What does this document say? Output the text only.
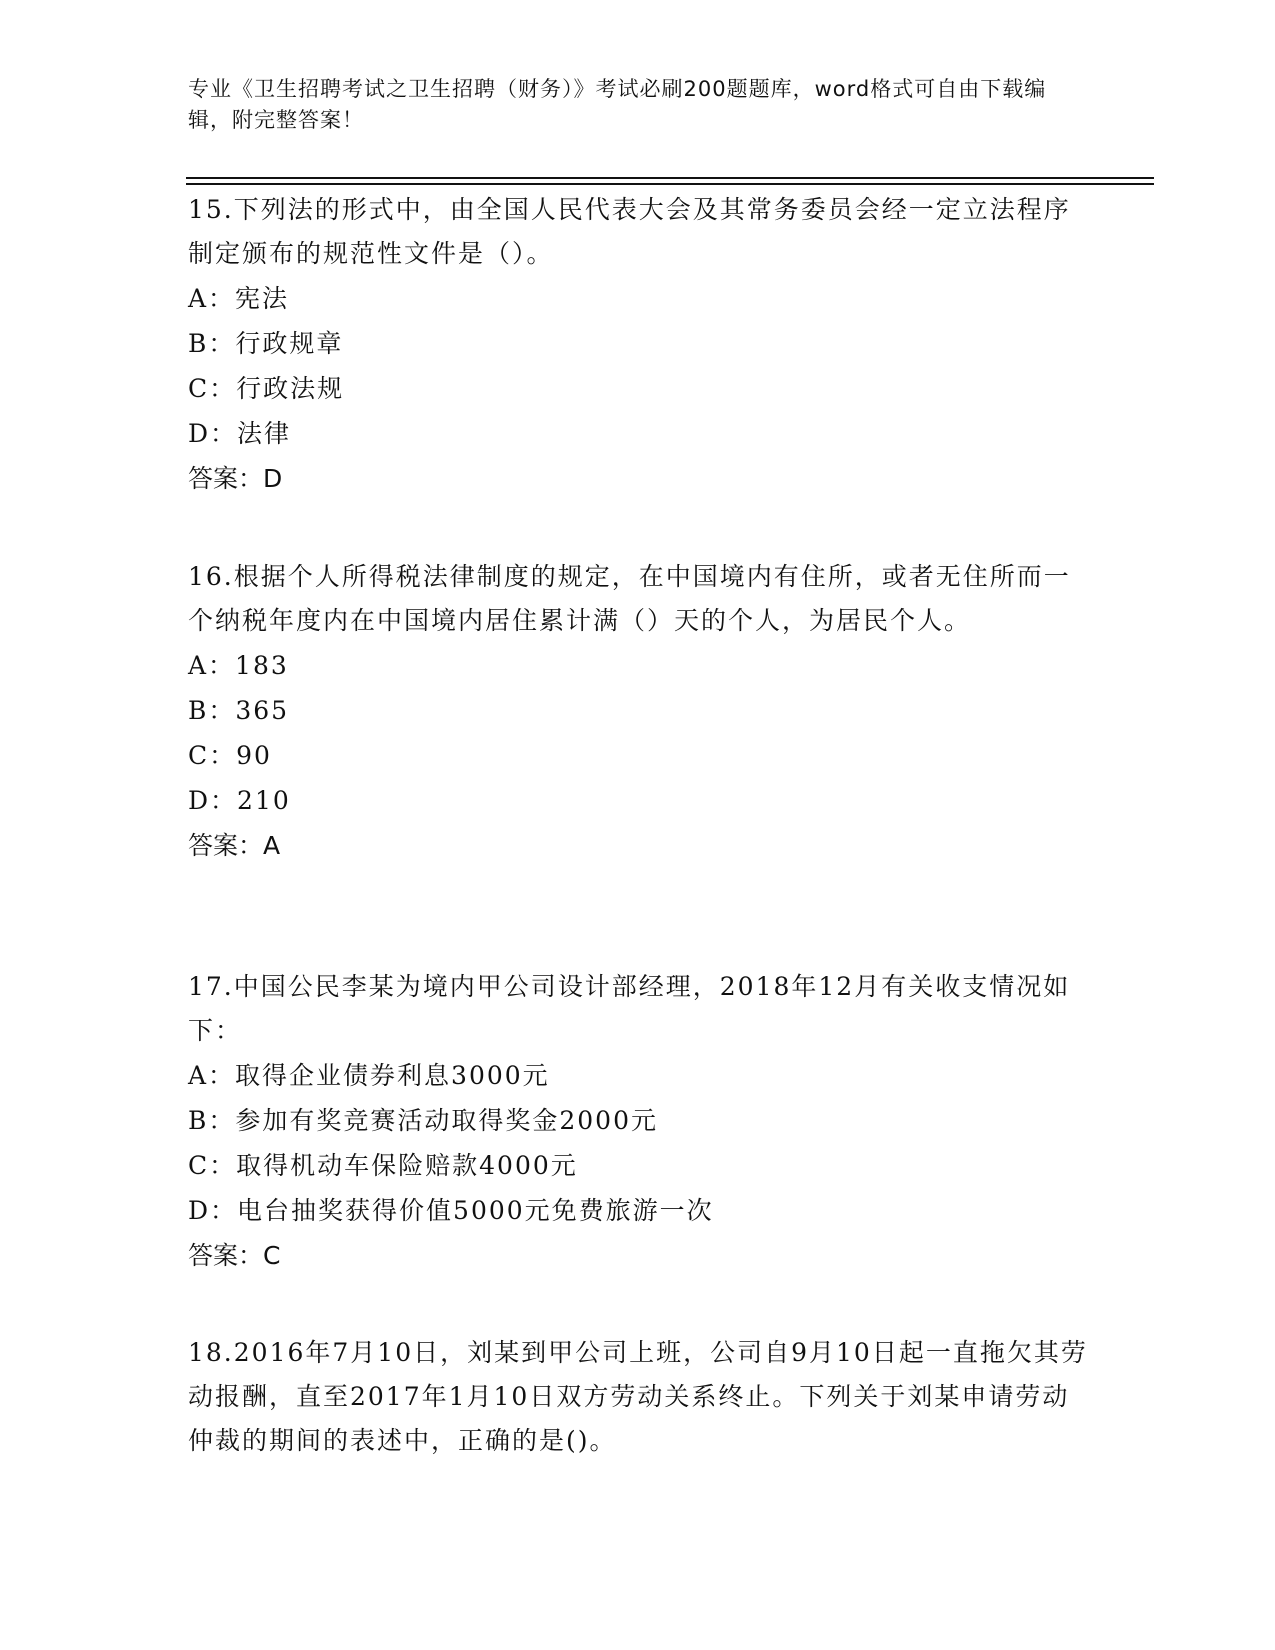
专业《卫生招聘考试之卫生招聘（财务）》考试必刷200题题库，word格式可自由下载编辑，附完整答案！

15.下列法的形式中，由全国人民代表大会及其常务委员会经一定立法程序制定颁布的规范性文件是（）。

A：宪法

B：行政规章

C：行政法规

D：法律

答案：D

16.根据个人所得税法律制度的规定，在中国境内有住所，或者无住所而一个纳税年度内在中国境内居住累计满（）天的个人，为居民个人。

A：183

B：365

C：90

D：210

答案：A

17.中国公民李某为境内甲公司设计部经理，2018年12月有关收支情况如下：

A：取得企业债券利息3000元

B：参加有奖竞赛活动取得奖金2000元

C：取得机动车保险赔款4000元

D：电台抽奖获得价值5000元免费旅游一次

答案：C

18.2016年7月10日，刘某到甲公司上班，公司自9月10日起一直拖欠其劳动报酬，直至2017年1月10日双方劳动关系终止。下列关于刘某申请劳动仲裁的期间的表述中，正确的是()。
